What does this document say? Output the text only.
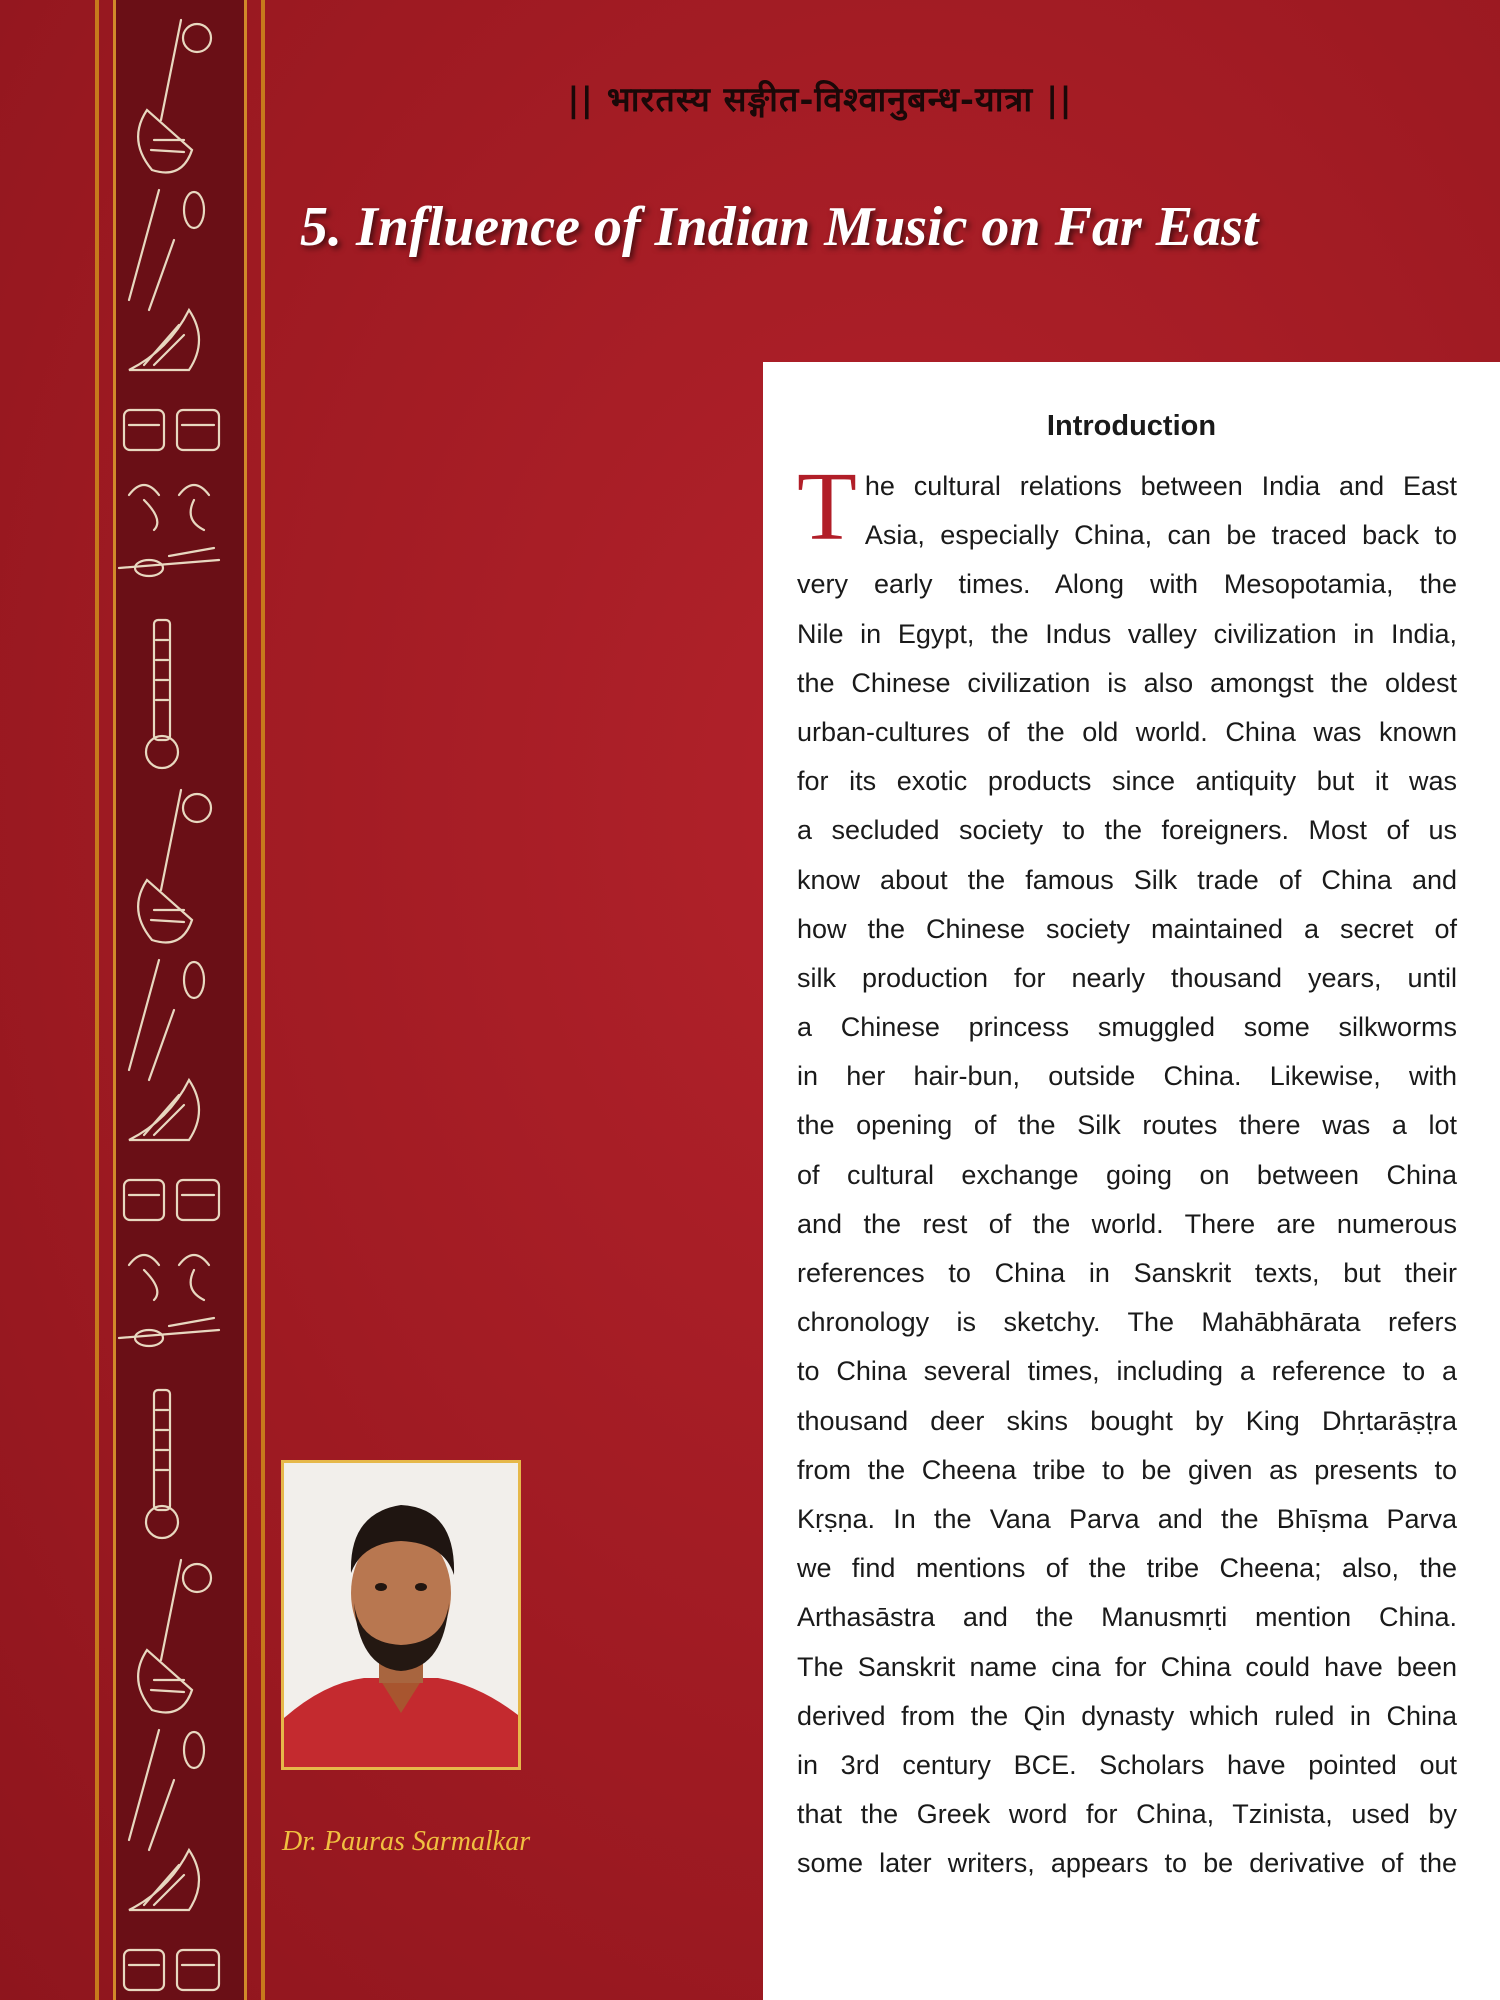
|| भारतस्य सङ्गीत-विश्वानुबन्ध-यात्रा ||
5. Influence of Indian Music on Far East
Introduction
T he cultural relations between India and East
Asia, especially China, can be traced back to
very early times. Along with Mesopotamia, the
Nile in Egypt, the Indus valley civilization in India,
the Chinese civilization is also amongst the oldest
urban-cultures of the old world. China was known
for its exotic products since antiquity but it was
a secluded society to the foreigners. Most of us
know about the famous Silk trade of China and
how the Chinese society maintained a secret of
silk production for nearly thousand years, until
a Chinese princess smuggled some silkworms
in her hair-bun, outside China. Likewise, with
the opening of the Silk routes there was a lot
of cultural exchange going on between China
and the rest of the world. There are numerous
references to China in Sanskrit texts, but their
chronology is sketchy. The Mahābhārata refers
to China several times, including a reference to a
thousand deer skins bought by King Dhṛtarāṣṭra
from the Cheena tribe to be given as presents to
Kṛṣṇa. In the Vana Parva and the Bhīṣma Parva
we find mentions of the tribe Cheena; also, the
Arthasāstra and the Manusmṛti mention China.
The Sanskrit name cina for China could have been
derived from the Qin dynasty which ruled in China
in 3rd century BCE. Scholars have pointed out
that the Greek word for China, Tzinista, used by
some later writers, appears to be derivative of the
Dr. Pauras Sarmalkar
